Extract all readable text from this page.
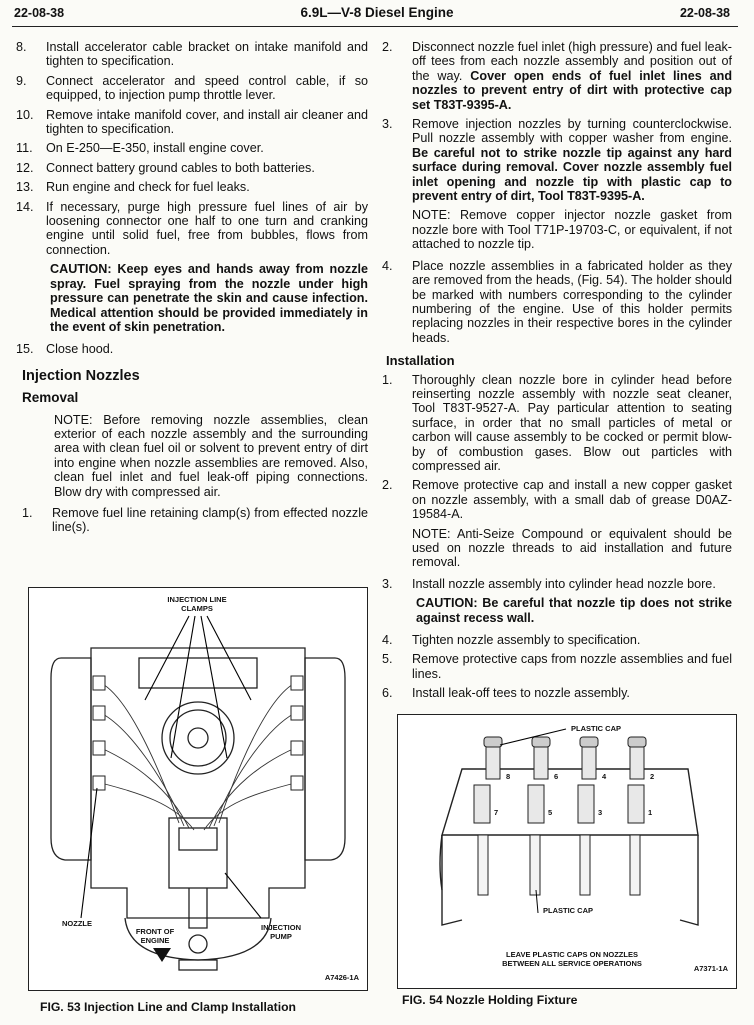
22-08-38	6.9L—V-8 Diesel Engine	22-08-38
8.	Install accelerator cable bracket on intake manifold and tighten to specification.
9.	Connect accelerator and speed control cable, if so equipped, to injection pump throttle lever.
10. Remove intake manifold cover, and install air cleaner and tighten to specification.
11.	On E-250—E-350, install engine cover.
12. Connect battery ground cables to both batteries.
13. Run engine and check for fuel leaks.
14. If necessary, purge high pressure fuel lines of air by loosening connector one half to one turn and cranking engine until solid fuel, free from bubbles, flows from connection.
CAUTION: Keep eyes and hands away from nozzle spray. Fuel spraying from the nozzle under high pressure can penetrate the skin and cause infection. Medical attention should be provided immediately in the event of skin penetration.
15. Close hood.
Injection Nozzles
Removal
NOTE: Before removing nozzle assemblies, clean exterior of each nozzle assembly and the surrounding area with clean fuel oil or solvent to prevent entry of dirt into engine when nozzle assemblies are removed. Also, clean fuel inlet and fuel leak-off piping connections. Blow dry with compressed air.
1.	Remove fuel line retaining clamp(s) from effected nozzle line(s).
2.	Disconnect nozzle fuel inlet (high pressure) and fuel leak-off tees from each nozzle assembly and position out of the way. Cover open ends of fuel inlet lines and nozzles to prevent entry of dirt with protective cap set T83T-9395-A.
3.	Remove injection nozzles by turning counterclockwise. Pull nozzle assembly with copper washer from engine. Be careful not to strike nozzle tip against any hard surface during removal. Cover nozzle assembly fuel inlet opening and nozzle tip with plastic cap to prevent entry of dirt, Tool T83T-9395-A.
NOTE: Remove copper injector nozzle gasket from nozzle bore with Tool T71P-19703-C, or equivalent, if not attached to nozzle tip.
4.	Place nozzle assemblies in a fabricated holder as they are removed from the heads, (Fig. 54). The holder should be marked with numbers corresponding to the cylinder numbering of the engine. Use of this holder permits replacing nozzles in their respective bores in the cylinder heads.
Installation
1.	Thoroughly clean nozzle bore in cylinder head before reinserting nozzle assembly with nozzle seat cleaner, Tool T83T-9527-A. Pay particular attention to seating surface, in order that no small particles of metal or carbon will cause assembly to be cocked or permit blow-by of combustion gases. Blow out particles with compressed air.
2.	Remove protective cap and install a new copper gasket on nozzle assembly, with a small dab of grease D0AZ-19584-A.
NOTE: Anti-Seize Compound or equivalent should be used on nozzle threads to aid installation and future removal.
3.	Install nozzle assembly into cylinder head nozzle bore.
CAUTION: Be careful that nozzle tip does not strike against recess wall.
4.	Tighten nozzle assembly to specification.
5.	Remove protective caps from nozzle assemblies and fuel lines.
6.	Install leak-off tees to nozzle assembly.
INJECTION LINE CLAMPS
NOZZLE
FRONT OF ENGINE
INJECTION PUMP
A7426-1A
FIG. 53 Injection Line and Clamp Installation
PLASTIC CAP
PLASTIC CAP
LEAVE PLASTIC CAPS ON NOZZLES BETWEEN ALL SERVICE OPERATIONS
A7371-1A
8	6	4	2
7	5	3	1
FIG. 54 Nozzle Holding Fixture
